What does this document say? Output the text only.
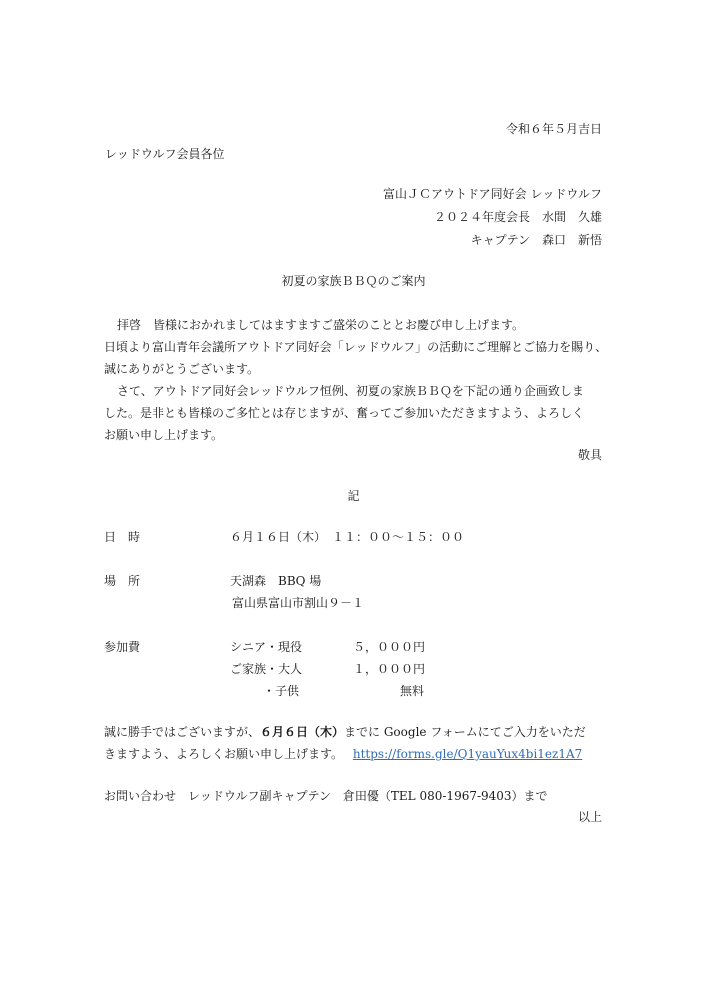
令和６年５月吉日
レッドウルフ会員各位
富山ＪＣアウトドア同好会 レッドウルフ
２０２４年度会長　水間　久雄
キャプテン　森口　新悟
初夏の家族ＢＢＱのご案内
拝啓　皆様におかれましてはますますご盛栄のこととお慶び申し上げます。
日頃より富山青年会議所アウトドア同好会「レッドウルフ」の活動にご理解とご協力を賜り、
誠にありがとうございます。
さて、アウトドア同好会レッドウルフ恒例、初夏の家族ＢＢＱを下記の通り企画致しま
した。是非とも皆様のご多忙とは存じますが、奮ってご参加いただきますよう、よろしく
お願い申し上げます。
敬具
記
日　時	６月１６日（木）　１１：００～１５：００
場　所	天湖森　BBQ 場
富山県富山市割山９－１
参加費	シニア・現役	５，０００円
ご家族・大人	１，０００円
・子供	無料
誠に勝手ではございますが、６月６日（木）までに Google フォームにてご入力をいただ
きますよう、よろしくお願い申し上げます。 https://forms.gle/Q1yauYux4bi1ez1A7
お問い合わせ　レッドウルフ副キャプテン　倉田優（TEL 080-1967-9403）まで
以上
